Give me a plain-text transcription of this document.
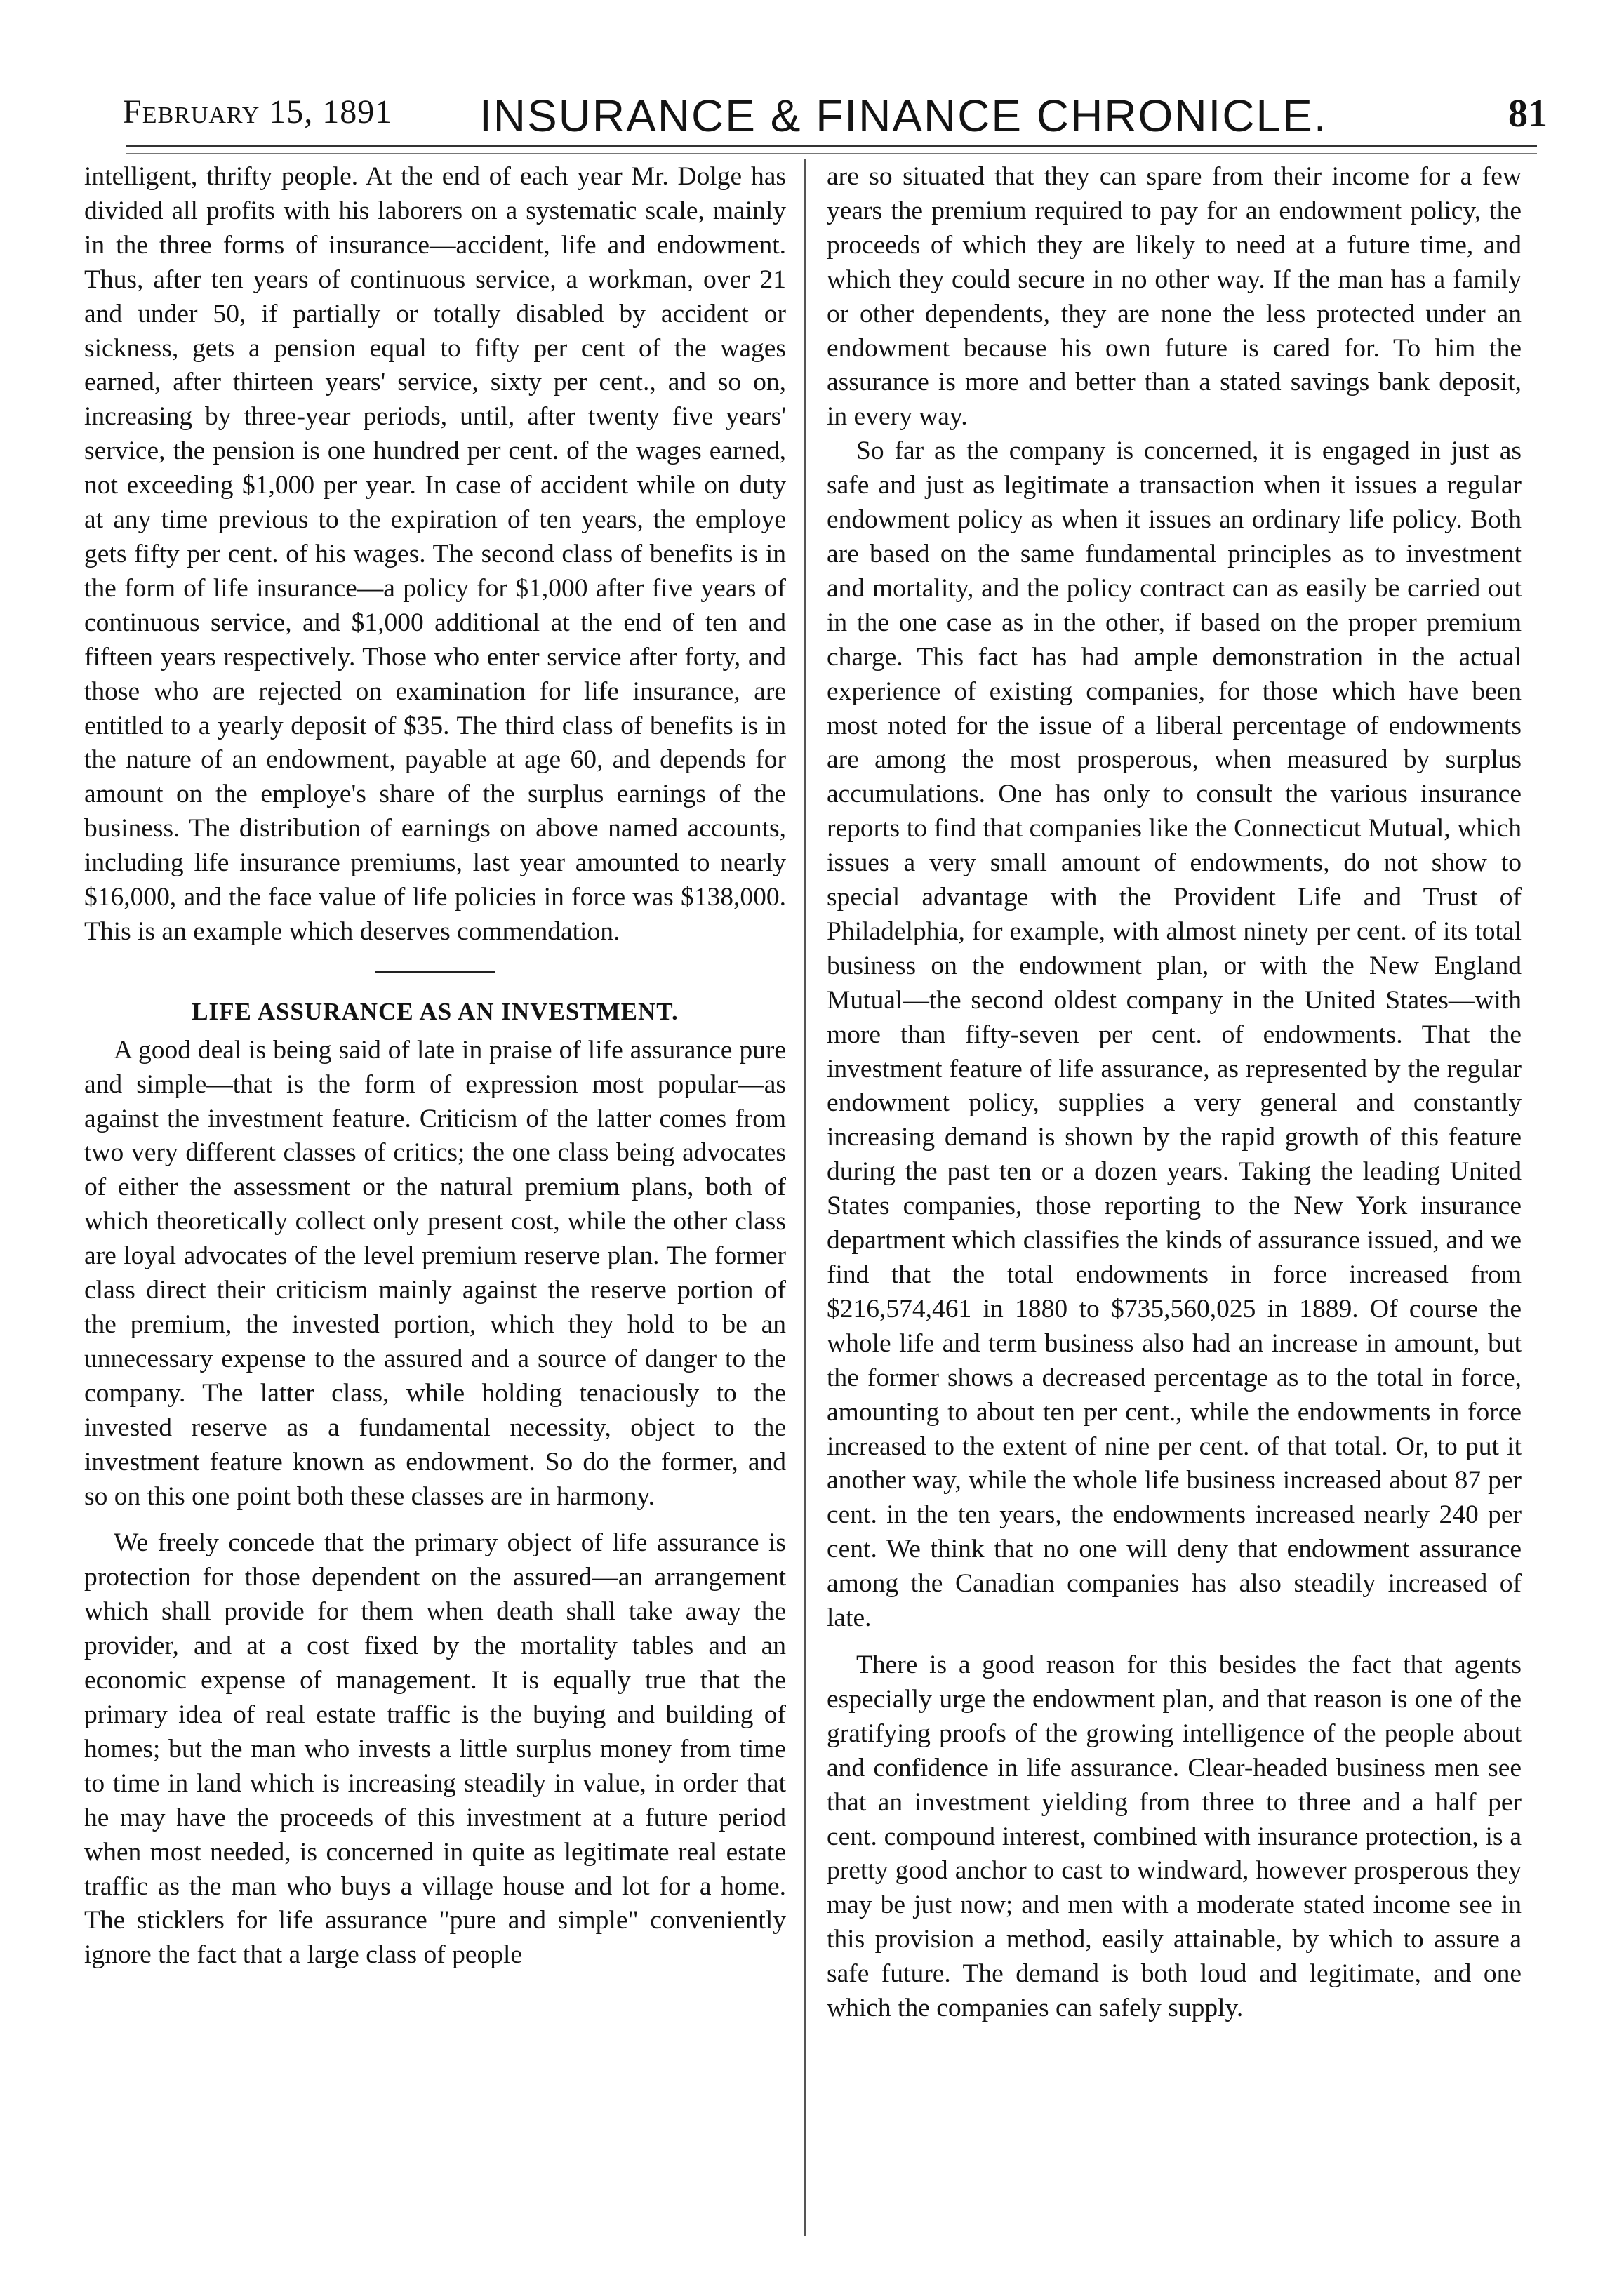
February 15, 1891 INSURANCE & FINANCE CHRONICLE.	81

intelligent, thrifty people. At the end of each year Mr. Dolge has divided all profits with his laborers on a systematic scale, mainly in the three forms of insurance—accident, life and endowment. Thus, after ten years of continuous service, a workman, over 21 and under 50, if partially or totally disabled by accident or sickness, gets a pension equal to fifty per cent of the wages earned, after thirteen years' service, sixty per cent., and so on, increasing by three-year periods, until, after twenty five years' service, the pension is one hundred per cent. of the wages earned, not exceeding $1,000 per year. In case of accident while on duty at any time previous to the expiration of ten years, the employe gets fifty per cent. of his wages. The second class of benefits is in the form of life insurance—a policy for $1,000 after five years of continuous service, and $1,000 additional at the end of ten and fifteen years respectively. Those who enter service after forty, and those who are rejected on examination for life insurance, are entitled to a yearly deposit of $35. The third class of benefits is in the nature of an endowment, payable at age 60, and depends for amount on the employe's share of the surplus earnings of the business. The distribution of earnings on above named accounts, including life insurance premiums, last year amounted to nearly $16,000, and the face value of life policies in force was $138,000. This is an example which deserves commendation.

LIFE ASSURANCE AS AN INVESTMENT.

A good deal is being said of late in praise of life assurance pure and simple—that is the form of expression most popular—as against the investment feature. Criticism of the latter comes from two very different classes of critics; the one class being advocates of either the assessment or the natural premium plans, both of which theoretically collect only present cost, while the other class are loyal advocates of the level premium reserve plan. The former class direct their criticism mainly against the reserve portion of the premium, the invested portion, which they hold to be an unnecessary expense to the assured and a source of danger to the company. The latter class, while holding tenaciously to the invested reserve as a fundamental necessity, object to the investment feature known as endowment. So do the former, and so on this one point both these classes are in harmony.

We freely concede that the primary object of life assurance is protection for those dependent on the assured—an arrangement which shall provide for them when death shall take away the provider, and at a cost fixed by the mortality tables and an economic expense of management. It is equally true that the primary idea of real estate traffic is the buying and building of homes; but the man who invests a little surplus money from time to time in land which is increasing steadily in value, in order that he may have the proceeds of this investment at a future period when most needed, is concerned in quite as legitimate real estate traffic as the man who buys a village house and lot for a home. The sticklers for life assurance "pure and simple" conveniently ignore the fact that a large class of people

are so situated that they can spare from their income for a few years the premium required to pay for an endowment policy, the proceeds of which they are likely to need at a future time, and which they could secure in no other way. If the man has a family or other dependents, they are none the less protected under an endowment because his own future is cared for. To him the assurance is more and better than a stated savings bank deposit, in every way.

So far as the company is concerned, it is engaged in just as safe and just as legitimate a transaction when it issues a regular endowment policy as when it issues an ordinary life policy. Both are based on the same fundamental principles as to investment and mortality, and the policy contract can as easily be carried out in the one case as in the other, if based on the proper premium charge. This fact has had ample demonstration in the actual experience of existing companies, for those which have been most noted for the issue of a liberal percentage of endowments are among the most prosperous, when measured by surplus accumulations. One has only to consult the various insurance reports to find that companies like the Connecticut Mutual, which issues a very small amount of endowments, do not show to special advantage with the Provident Life and Trust of Philadelphia, for example, with almost ninety per cent. of its total business on the endowment plan, or with the New England Mutual—the second oldest company in the United States—with more than fifty-seven per cent. of endowments. That the investment feature of life assurance, as represented by the regular endowment policy, supplies a very general and constantly increasing demand is shown by the rapid growth of this feature during the past ten or a dozen years. Taking the leading United States companies, those reporting to the New York insurance department which classifies the kinds of assurance issued, and we find that the total endowments in force increased from $216,574,461 in 1880 to $735,560,025 in 1889. Of course the whole life and term business also had an increase in amount, but the former shows a decreased percentage as to the total in force, amounting to about ten per cent., while the endowments in force increased to the extent of nine per cent. of that total. Or, to put it another way, while the whole life business increased about 87 per cent. in the ten years, the endowments increased nearly 240 per cent. We think that no one will deny that endowment assurance among the Canadian companies has also steadily increased of late.

There is a good reason for this besides the fact that agents especially urge the endowment plan, and that reason is one of the gratifying proofs of the growing intelligence of the people about and confidence in life assurance. Clear-headed business men see that an investment yielding from three to three and a half per cent. compound interest, combined with insurance protection, is a pretty good anchor to cast to windward, however prosperous they may be just now; and men with a moderate stated income see in this provision a method, easily attainable, by which to assure a safe future. The demand is both loud and legitimate, and one which the companies can safely supply.
